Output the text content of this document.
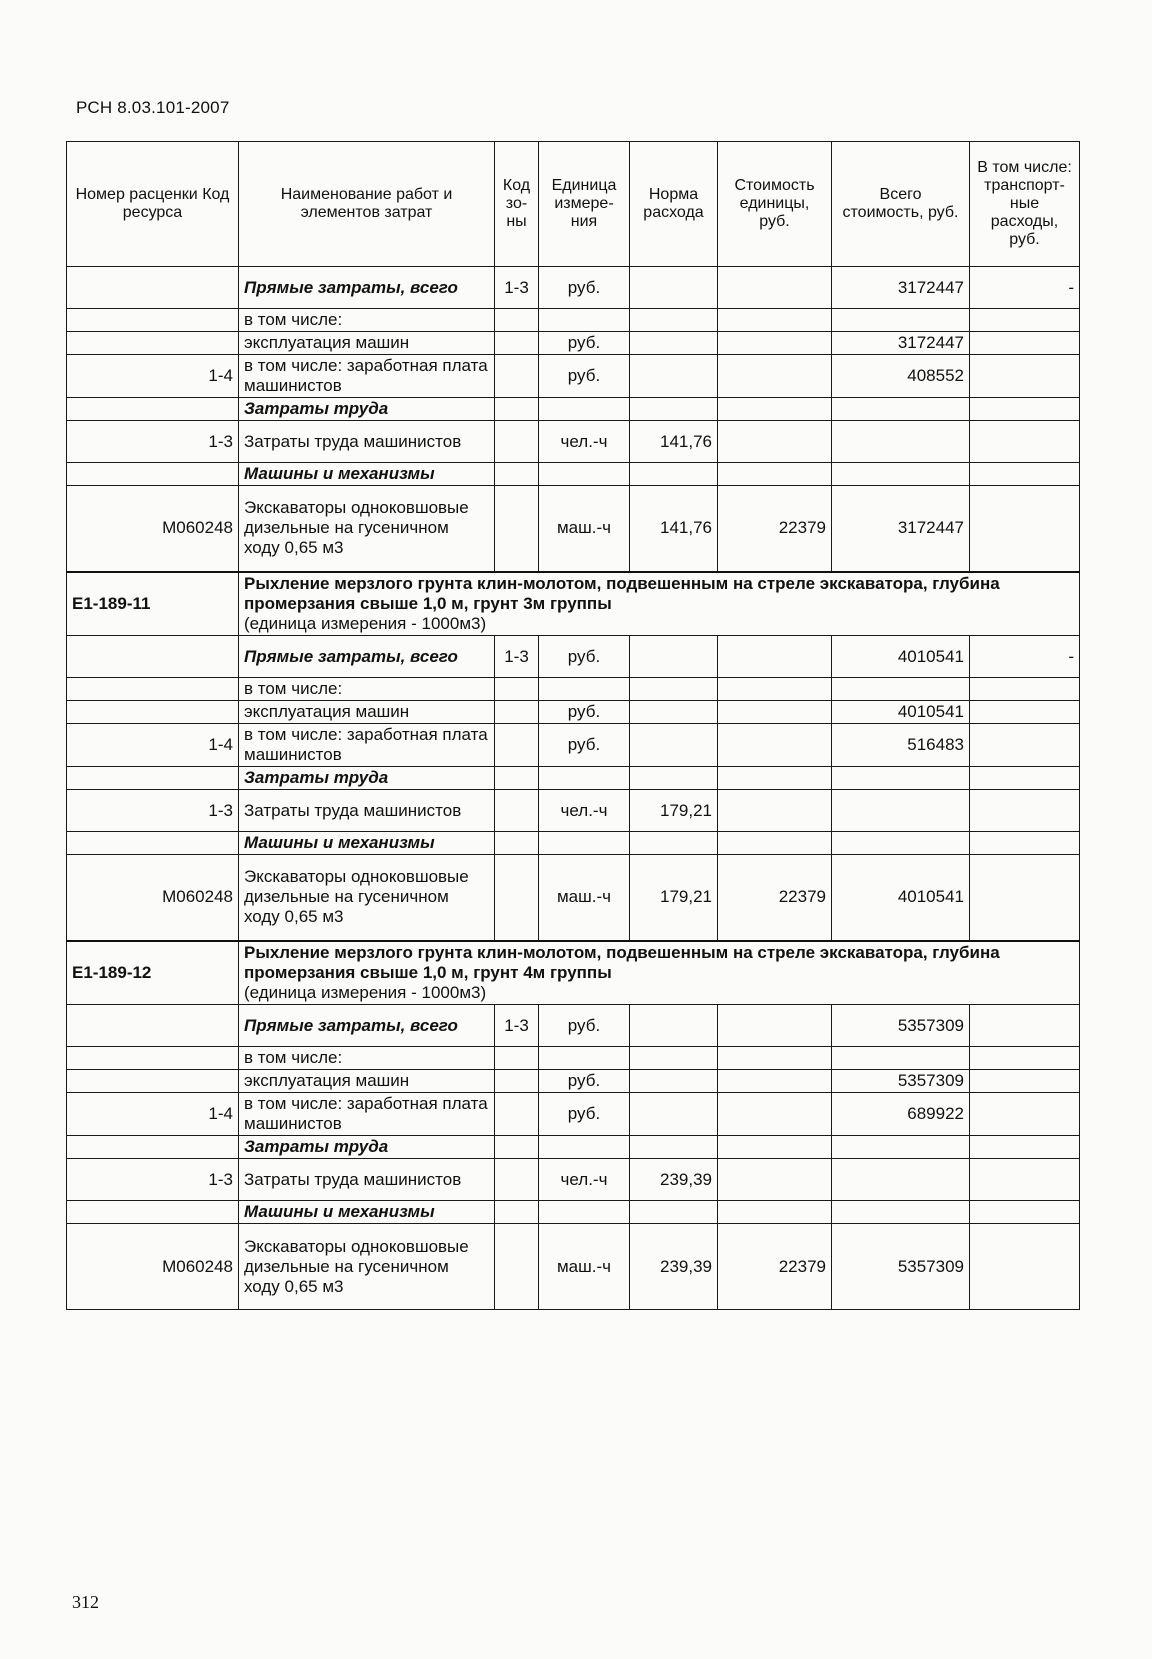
РСН 8.03.101-2007
Номер расценки Код ресурса	Наименование работ и элементов затрат	Код зо-ны	Единица измере-ния	Норма расхода	Стоимость единицы, руб.	Всего стоимость, руб.	В том числе: транспорт-ные расходы, руб.
	Прямые затраты, всего	1-3	руб.			3172447	-
	в том числе:						
	эксплуатация машин		руб.			3172447	
1-4	в том числе: заработная плата машинистов		руб.			408552	
	Затраты труда						
1-3	Затраты труда машинистов		чел.-ч	141,76			
	Машины и механизмы						
М060248	Экскаваторы одноковшовые дизельные на гусеничном ходу 0,65 м3		маш.-ч	141,76	22379	3172447	
Е1-189-11	Рыхление мерзлого грунта клин-молотом, подвешенным на стреле экскаватора, глубина промерзания свыше 1,0 м, грунт 3м группы
(единица измерения - 1000м3)						

	Прямые затраты, всего	1-3	руб.			4010541	-
	в том числе:						
	эксплуатация машин		руб.			4010541	
1-4	в том числе: заработная плата машинистов		руб.			516483	
	Затраты труда						
1-3	Затраты труда машинистов		чел.-ч	179,21			
	Машины и механизмы						
М060248	Экскаваторы одноковшовые дизельные на гусеничном ходу 0,65 м3		маш.-ч	179,21	22379	4010541	
Е1-189-12	Рыхление мерзлого грунта клин-молотом, подвешенным на стреле экскаватора, глубина промерзания свыше 1,0 м, грунт 4м группы
(единица измерения - 1000м3)						

	Прямые затраты, всего	1-3	руб.			5357309	
	в том числе:						
	эксплуатация машин		руб.			5357309	
1-4	в том числе: заработная плата машинистов		руб.			689922	
	Затраты труда						
1-3	Затраты труда машинистов		чел.-ч	239,39			
	Машины и механизмы						
М060248	Экскаваторы одноковшовые дизельные на гусеничном ходу 0,65 м3		маш.-ч	239,39	22379	5357309	
312
